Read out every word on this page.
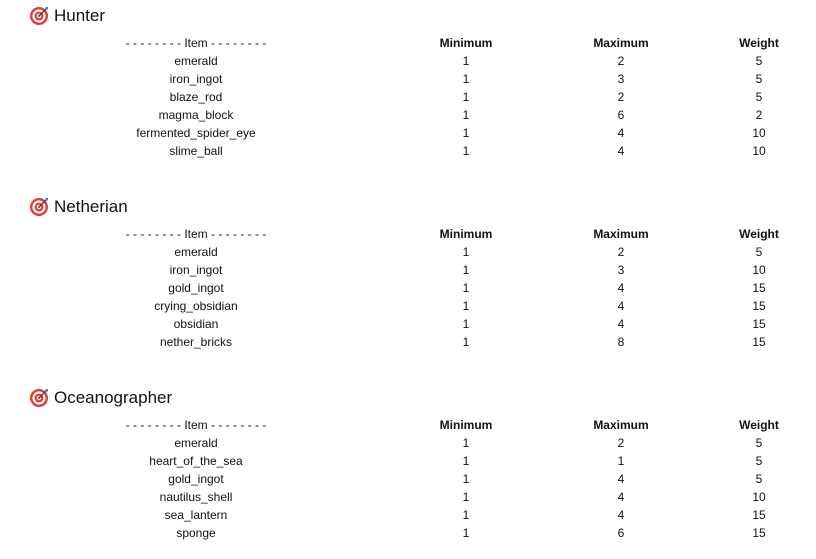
Hunter
- - - - - - - - Item - - - - - - - -	Minimum	Maximum	Weight
emerald	1	2	5
iron_ingot	1	3	5
blaze_rod	1	2	5
magma_block	1	6	2
fermented_spider_eye	1	4	10
slime_ball	1	4	10
Netherian
- - - - - - - - Item - - - - - - - -	Minimum	Maximum	Weight
emerald	1	2	5
iron_ingot	1	3	10
gold_ingot	1	4	15
crying_obsidian	1	4	15
obsidian	1	4	15
nether_bricks	1	8	15
Oceanographer
- - - - - - - - Item - - - - - - - -	Minimum	Maximum	Weight
emerald	1	2	5
heart_of_the_sea	1	1	5
gold_ingot	1	4	5
nautilus_shell	1	4	10
sea_lantern	1	4	15
sponge	1	6	15
